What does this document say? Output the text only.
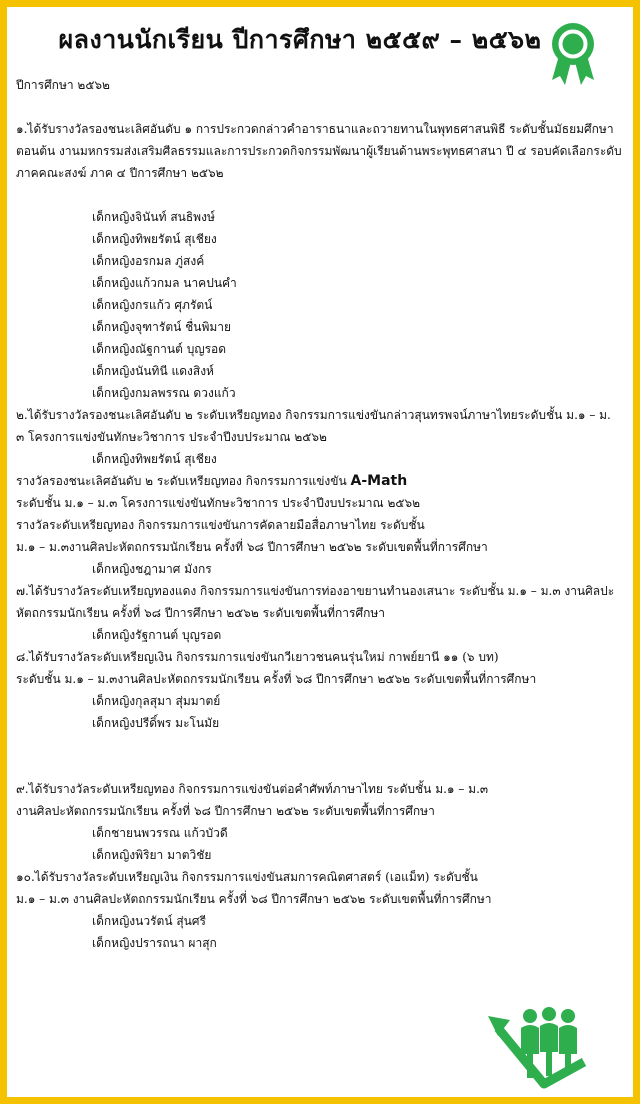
ผลงานนักเรียน ปีการศึกษา ๒๕๕๙ – ๒๕๖๒
ปีการศึกษา ๒๕๖๒
๑.ได้รับรางวัลรองชนะเลิศอันดับ ๑ การประกวดกล่าวคำอาราธนาและถวายทานในพุทธศาสนพิธี ระดับชั้นมัธยมศึกษาตอนต้น งานมหกรรมส่งเสริมศีลธรรมและการประกวดกิจกรรมพัฒนาผู้เรียนด้านพระพุทธศาสนา ปี ๔ รอบคัดเลือกระดับภาคคณะสงฆ์ ภาค ๔ ปีการศึกษา ๒๕๖๒
เด็กหญิงจินันท์ สนธิพงษ์
เด็กหญิงทิพยรัตน์ สุเชียง
เด็กหญิงอรกมล ภู่สงค์
เด็กหญิงแก้วกมล นาคปนคำ
เด็กหญิงกรแก้ว ศุภรัตน์
เด็กหญิงจุฑารัตน์ ชื่นพิมาย
เด็กหญิงณัฐกานต์ บุญรอด
เด็กหญิงนันทินี แดงสิงห์
เด็กหญิงกมลพรรณ ดวงแก้ว
๒.ได้รับรางวัลรองชนะเลิศอันดับ ๒ ระดับเหรียญทอง กิจกรรมการแข่งขันกล่าวสุนทรพจน์ภาษาไทยระดับชั้น ม.๑ – ม.
๓ โครงการแข่งขันทักษะวิชาการ ประจำปีงบประมาณ ๒๕๖๒
เด็กหญิงทิพยรัตน์ สุเชียง
รางวัลรองชนะเลิศอันดับ ๒ ระดับเหรียญทอง กิจกรรมการแข่งขัน A-Math
ระดับชั้น ม.๑ – ม.๓ โครงการแข่งขันทักษะวิชาการ ประจำปีงบประมาณ ๒๕๖๒
รางวัลระดับเหรียญทอง กิจกรรมการแข่งขันการคัดลายมือสื่อภาษาไทย ระดับชั้น
ม.๑ – ม.๓งานศิลปะหัตถกรรมนักเรียน ครั้งที่ ๖๘ ปีการศึกษา ๒๕๖๒ ระดับเขตพื้นที่การศึกษา
เด็กหญิงชฎามาศ มังกร
๗.ได้รับรางวัลระดับเหรียญทองแดง กิจกรรมการแข่งขันการท่องอาขยานทำนองเสนาะ ระดับชั้น ม.๑ – ม.๓ งานศิลปะ
หัตถกรรมนักเรียน ครั้งที่ ๖๘ ปีการศึกษา ๒๕๖๒ ระดับเขตพื้นที่การศึกษา
เด็กหญิงรัฐกานต์ บุญรอด
๘.ได้รับรางวัลระดับเหรียญเงิน กิจกรรมการแข่งขันกวีเยาวชนคนรุ่นใหม่ กาพย์ยานี ๑๑ (๖ บท)
ระดับชั้น ม.๑ – ม.๓งานศิลปะหัตถกรรมนักเรียน ครั้งที่ ๖๘ ปีการศึกษา ๒๕๖๒ ระดับเขตพื้นที่การศึกษา
เด็กหญิงกุลสุมา สุ่มมาตย์
เด็กหญิงปรีดิ์พร มะโนมัย
๙.ได้รับรางวัลระดับเหรียญทอง กิจกรรมการแข่งขันต่อคำศัพท์ภาษาไทย ระดับชั้น ม.๑ – ม.๓
งานศิลปะหัตถกรรมนักเรียน ครั้งที่ ๖๘ ปีการศึกษา ๒๕๖๒ ระดับเขตพื้นที่การศึกษา
เด็กชายนพวรรณ แก้วบัวดี
เด็กหญิงพิริยา มาตวิชัย
๑๐.ได้รับรางวัลระดับเหรียญเงิน กิจกรรมการแข่งขันสมการคณิตศาสตร์ (เอแม็ท) ระดับชั้น
ม.๑ – ม.๓ งานศิลปะหัตถกรรมนักเรียน ครั้งที่ ๖๘ ปีการศึกษา ๒๕๖๒ ระดับเขตพื้นที่การศึกษา
เด็กหญิงนวรัตน์ สุ่นศรี
เด็กหญิงปรารถนา ผาสุก
